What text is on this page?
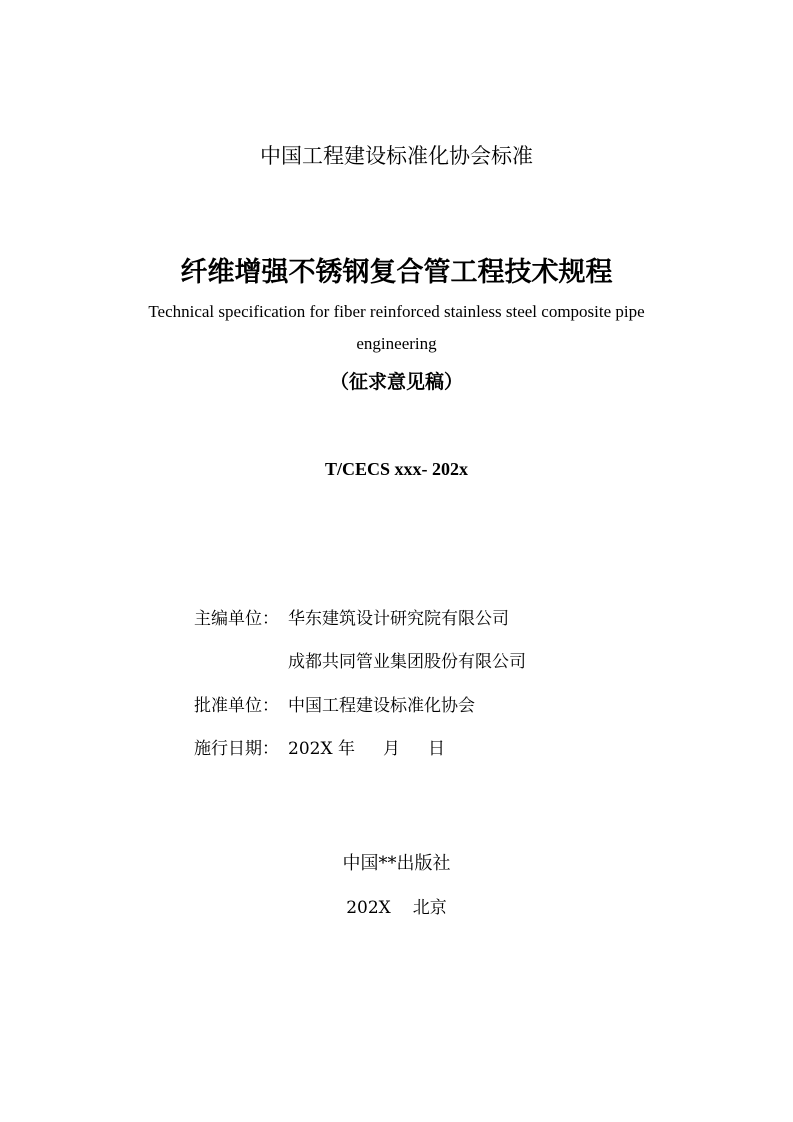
中国工程建设标准化协会标准
纤维增强不锈钢复合管工程技术规程
Technical specification for fiber reinforced stainless steel composite pipe
engineering
（征求意见稿）
T/CECS xxx- 202x
主编单位： 华东建筑设计研究院有限公司
成都共同管业集团股份有限公司
批准单位： 中国工程建设标准化协会
施行日期： 202X 年 月 日
中国**出版社
202X 北京
